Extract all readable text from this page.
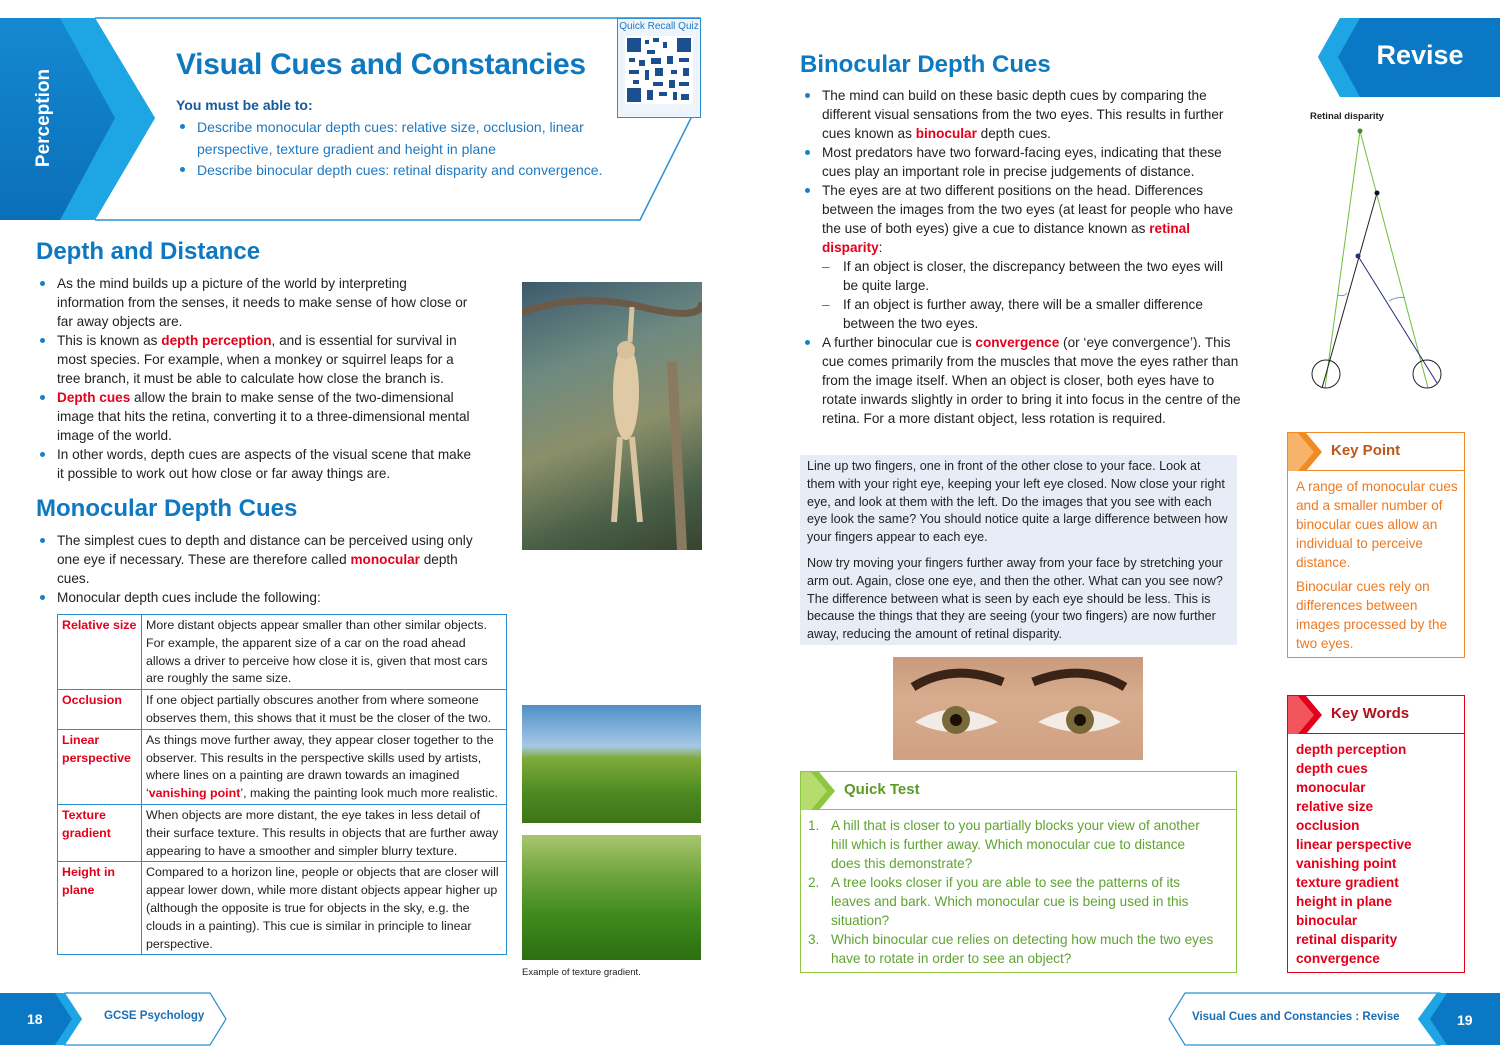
Perception
Visual Cues and Constancies
You must be able to:
Describe monocular depth cues: relative size, occlusion, linear perspective, texture gradient and height in plane
Describe binocular depth cues: retinal disparity and convergence.
Quick Recall Quiz
Depth and Distance
As the mind builds up a picture of the world by interpreting information from the senses, it needs to make sense of how close or far away objects are.
This is known as depth perception, and is essential for survival in most species. For example, when a monkey or squirrel leaps for a tree branch, it must be able to calculate how close the branch is.
Depth cues allow the brain to make sense of the two-dimensional image that hits the retina, converting it to a three-dimensional mental image of the world.
In other words, depth cues are aspects of the visual scene that make it possible to work out how close or far away things are.
Monocular Depth Cues
The simplest cues to depth and distance can be perceived using only one eye if necessary. These are therefore called monocular depth cues.
Monocular depth cues include the following:
Relative size	More distant objects appear smaller than other similar objects. For example, the apparent size of a car on the road ahead allows a driver to perceive how close it is, given that most cars are roughly the same size.
Occlusion	If one object partially obscures another from where someone observes them, this shows that it must be the closer of the two.
Linear perspective	As things move further away, they appear closer together to the observer. This results in the perspective skills used by artists, where lines on a painting are drawn towards an imagined ‘vanishing point’, making the painting look much more realistic.
Texture gradient	When objects are more distant, the eye takes in less detail of their surface texture. This results in objects that are further away appearing to have a smoother and simpler blurry texture.
Height in plane	Compared to a horizon line, people or objects that are closer will appear lower down, while more distant objects appear higher up (although the opposite is true for objects in the sky, e.g. the clouds in a painting). This cue is similar in principle to linear perspective.
Example of texture gradient.
Binocular Depth Cues
The mind can build on these basic depth cues by comparing the different visual sensations from the two eyes. This results in further cues known as binocular depth cues.
Most predators have two forward-facing eyes, indicating that these cues play an important role in precise judgements of distance.
The eyes are at two different positions on the head. Differences between the images from the two eyes (at least for people who have the use of both eyes) give a cue to distance known as retinal disparity:
– If an object is closer, the discrepancy between the two eyes will be quite large.
– If an object is further away, there will be a smaller difference between the two eyes.
A further binocular cue is convergence (or ‘eye convergence’). This cue comes primarily from the muscles that move the eyes rather than from the image itself. When an object is closer, both eyes have to rotate inwards slightly in order to bring it into focus in the centre of the retina. For a more distant object, less rotation is required.

Line up two fingers, one in front of the other close to your face. Look at them with your right eye, keeping your left eye closed. Now close your right eye, and look at them with the left. Do the images that you see with each eye look the same? You should notice quite a large difference between how your fingers appear to each eye.

Now try moving your fingers further away from your face by stretching your arm out. Again, close one eye, and then the other. What can you see now? The difference between what is seen by each eye should be less. This is because the things that they are seeing (your two fingers) are now further away, reducing the amount of retinal disparity.

Quick Test
1. A hill that is closer to you partially blocks your view of another hill which is further away. Which monocular cue to distance does this demonstrate?
2. A tree looks closer if you are able to see the patterns of its leaves and bark. Which monocular cue is being used in this situation?
3. Which binocular cue relies on detecting how much the two eyes have to rotate in order to see an object?
Retinal disparity
Key Point

A range of monocular cues and a smaller number of binocular cues allow an individual to perceive distance.

Binocular cues rely on differences between images processed by the two eyes.

Key Words
depth perception
depth cues
monocular
relative size
occlusion
linear perspective
vanishing point
texture gradient
height in plane
binocular
retinal disparity
convergence
18	GCSE Psychology	Visual Cues and Constancies : Revise	19
Revise
